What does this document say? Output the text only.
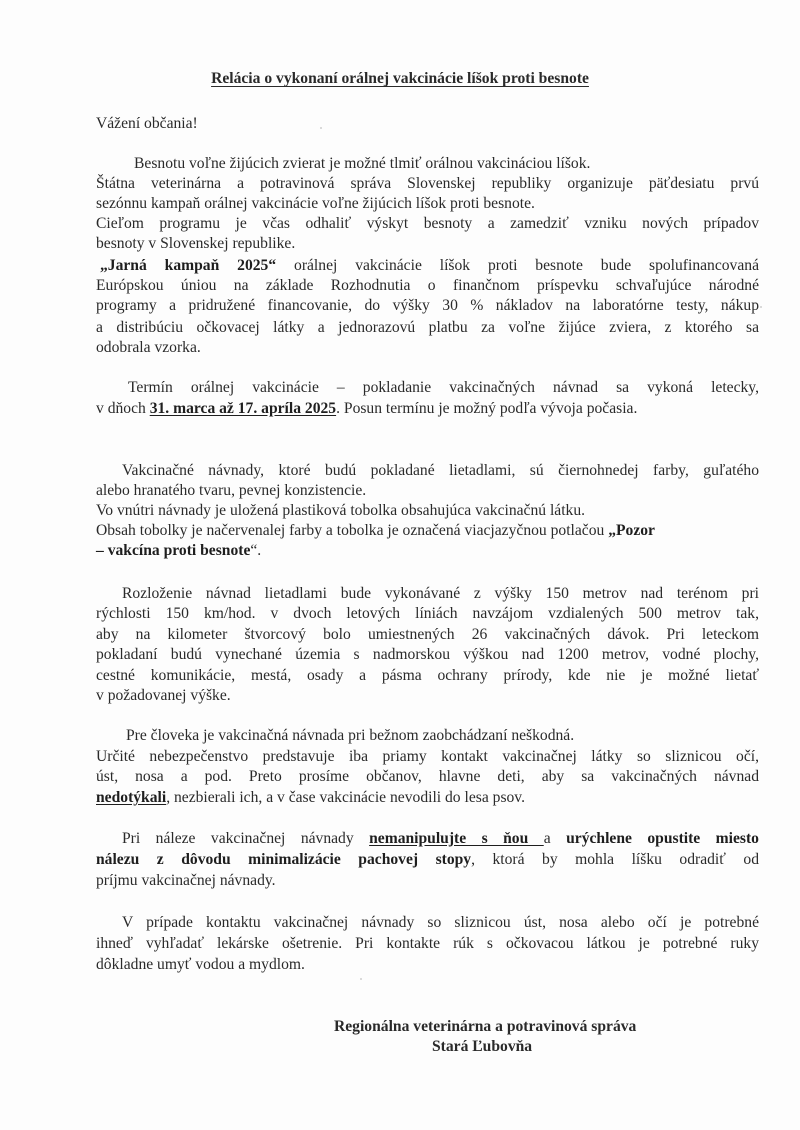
Relácia o vykonaní orálnej vakcinácie líšok proti besnote
Vážení občania!
Besnotu voľne žijúcich zvierat je možné tlmiť orálnou vakcináciou líšok.
Štátna veterinárna a potravinová správa Slovenskej republiky organizuje päťdesiatu prvú
sezónnu kampaň orálnej vakcinácie voľne žijúcich líšok proti besnote.
Cieľom programu je včas odhaliť výskyt besnoty a zamedziť vzniku nových prípadov
besnoty v Slovenskej republike.
„Jarná kampaň 2025“ orálnej vakcinácie líšok proti besnote bude spolufinancovaná
Európskou úniou na základe Rozhodnutia o finančnom príspevku schvaľujúce národné
programy a pridružené financovanie, do výšky 30 % nákladov na laboratórne testy, nákup
a distribúciu očkovacej látky a jednorazovú platbu za voľne žijúce zviera, z ktorého sa
odobrala vzorka.
Termín orálnej vakcinácie – pokladanie vakcinačných návnad sa vykoná letecky,
v dňoch 31. marca až 17. apríla 2025. Posun termínu je možný podľa vývoja počasia.
Vakcinačné návnady, ktoré budú pokladané lietadlami, sú čiernohnedej farby, guľatého
alebo hranatého tvaru, pevnej konzistencie.
Vo vnútri návnady je uložená plastiková tobolka obsahujúca vakcinačnú látku.
Obsah tobolky je načervenalej farby a tobolka je označená viacjazyčnou potlačou „Pozor
– vakcína proti besnote“.
Rozloženie návnad lietadlami bude vykonávané z výšky 150 metrov nad terénom pri
rýchlosti 150 km/hod. v dvoch letových líniách navzájom vzdialených 500 metrov tak,
aby na kilometer štvorcový bolo umiestnených 26 vakcinačných dávok. Pri leteckom
pokladaní budú vynechané územia s nadmorskou výškou nad 1200 metrov, vodné plochy,
cestné komunikácie, mestá, osady a pásma ochrany prírody, kde nie je možné lietať
v požadovanej výške.
Pre človeka je vakcinačná návnada pri bežnom zaobchádzaní neškodná.
Určité nebezpečenstvo predstavuje iba priamy kontakt vakcinačnej látky so sliznicou očí,
úst, nosa a pod. Preto prosíme občanov, hlavne deti, aby sa vakcinačných návnad
nedotýkali, nezbierali ich, a v čase vakcinácie nevodili do lesa psov.
Pri náleze vakcinačnej návnady nemanipulujte s ňou a urýchlene opustite miesto
nálezu z dôvodu minimalizácie pachovej stopy, ktorá by mohla líšku odradiť od
príjmu vakcinačnej návnady.
V prípade kontaktu vakcinačnej návnady so sliznicou úst, nosa alebo očí je potrebné
ihneď vyhľadať lekárske ošetrenie. Pri kontakte rúk s očkovacou látkou je potrebné ruky
dôkladne umyť vodou a mydlom.
Regionálna veterinárna a potravinová správa
Stará Ľubovňa
